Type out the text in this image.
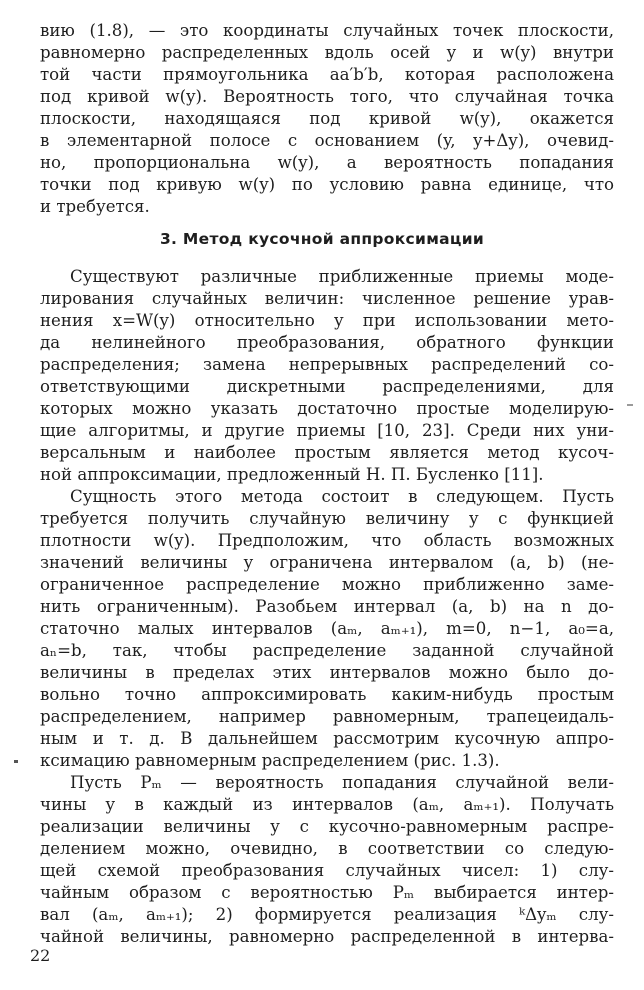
вию (1.8), — это координаты случайных точек плоскости,
равномерно распределенных вдоль осей y и w(y) внутри
той части прямоугольника aa′b′b, которая расположена
под кривой w(y). Вероятность того, что случайная точка
плоскости, находящаяся под кривой w(y), окажется
в элементарной полосе с основанием (y, y+Δy), очевид-
но, пропорциональна w(y), а вероятность попадания
точки под кривую w(y) по условию равна единице, что
и требуется.
3. Метод кусочной аппроксимации
Существуют различные приближенные приемы моде-
лирования случайных величин: численное решение урав-
нения x=W(y) относительно y при использовании мето-
да нелинейного преобразования, обратного функции
распределения; замена непрерывных распределений со-
ответствующими дискретными распределениями, для
которых можно указать достаточно простые моделирую-
щие алгоритмы, и другие приемы [10, 23]. Среди них уни-
версальным и наиболее простым является метод кусоч-
ной аппроксимации, предложенный Н. П. Бусленко [11].
Сущность этого метода состоит в следующем. Пусть
требуется получить случайную величину y с функцией
плотности w(y). Предположим, что область возможных
значений величины y ограничена интервалом (a, b) (не-
ограниченное распределение можно приближенно заме-
нить ограниченным). Разобьем интервал (a, b) на n до-
статочно малых интервалов (aₘ, aₘ₊₁), m=0, n−1, a₀=a,
aₙ=b, так, чтобы распределение заданной случайной
величины в пределах этих интервалов можно было до-
вольно точно аппроксимировать каким-нибудь простым
распределением, например равномерным, трапецеидаль-
ным и т. д. В дальнейшем рассмотрим кусочную аппро-
ксимацию равномерным распределением (рис. 1.3).
Пусть Pₘ — вероятность попадания случайной вели-
чины y в каждый из интервалов (aₘ, aₘ₊₁). Получать
реализации величины y с кусочно-равномерным распре-
делением можно, очевидно, в соответствии со следую-
щей схемой преобразования случайных чисел: 1) слу-
чайным образом с вероятностью Pₘ выбирается интер-
вал (aₘ, aₘ₊₁); 2) формируется реализация ᵏΔyₘ слу-
чайной величины, равномерно распределенной в интерва-
22
